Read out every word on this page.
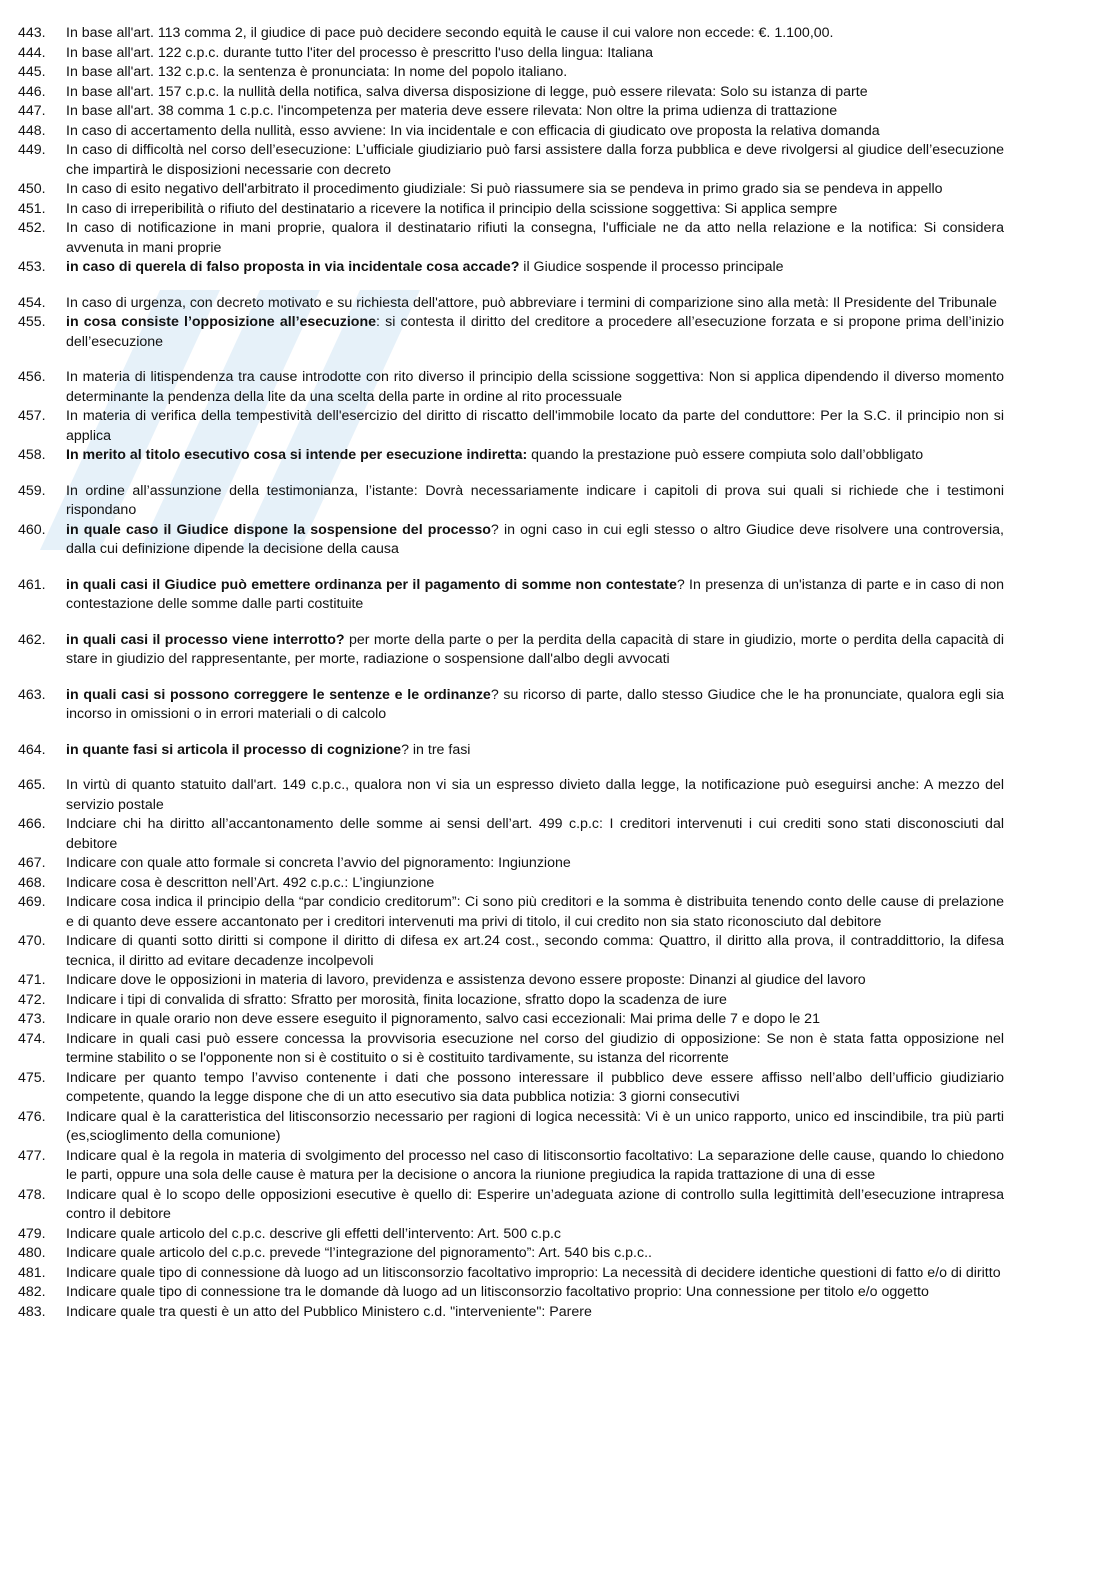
443.	In base all'art. 113 comma 2, il giudice di pace può decidere secondo equità le cause il cui valore non eccede: €. 1.100,00.
444.	In base all'art. 122 c.p.c. durante tutto l'iter del processo è prescritto l'uso della lingua: Italiana
445.	In base all'art. 132 c.p.c. la sentenza è pronunciata: In nome del popolo italiano.
446.	In base all'art. 157 c.p.c. la nullità della notifica, salva diversa disposizione di legge, può essere rilevata: Solo su istanza di parte
447.	In base all'art. 38 comma 1 c.p.c. l'incompetenza per materia deve essere rilevata: Non oltre la prima udienza di trattazione
448.	In caso di accertamento della nullità, esso avviene: In via incidentale e con efficacia di giudicato ove proposta la relativa domanda
449.	In caso di difficoltà nel corso dell’esecuzione: L’ufficiale giudiziario può farsi assistere dalla forza pubblica e deve rivolgersi al giudice dell’esecuzione che impartirà le disposizioni necessarie con decreto
450.	In caso di esito negativo dell'arbitrato il procedimento giudiziale: Si può riassumere sia se pendeva in primo grado sia se pendeva in appello
451.	In caso di irreperibilità o rifiuto del destinatario a ricevere la notifica il principio della scissione soggettiva: Si applica sempre
452.	In caso di notificazione in mani proprie, qualora il destinatario rifiuti la consegna, l'ufficiale ne da atto nella relazione e la notifica: Si considera avvenuta in mani proprie
453.	in caso di querela di falso proposta in via incidentale cosa accade? il Giudice sospende il processo principale
454.	In caso di urgenza, con decreto motivato e su richiesta dell'attore, può abbreviare i termini di comparizione sino alla metà: Il Presidente del Tribunale
455.	in cosa consiste l’opposizione all’esecuzione: si contesta il diritto del creditore a procedere all’esecuzione forzata e si propone prima dell’inizio dell’esecuzione
456.	In materia di litispendenza tra cause introdotte con rito diverso il principio della scissione soggettiva: Non si applica dipendendo il diverso momento determinante la pendenza della lite da una scelta della parte in ordine al rito processuale
457.	In materia di verifica della tempestività dell'esercizio del diritto di riscatto dell'immobile locato da parte del conduttore: Per la S.C. il principio non si applica
458.	In merito al titolo esecutivo cosa si intende per esecuzione indiretta: quando la prestazione può essere compiuta solo dall’obbligato
459.	In ordine all’assunzione della testimonianza, l’istante: Dovrà necessariamente indicare i capitoli di prova sui quali si richiede che i testimoni rispondano
460.	in quale caso il Giudice dispone la sospensione del processo? in ogni caso in cui egli stesso o altro Giudice deve risolvere una controversia, dalla cui definizione dipende la decisione della causa
461.	in quali casi il Giudice può emettere ordinanza per il pagamento di somme non contestate? In presenza di un'istanza di parte e in caso di non contestazione delle somme dalle parti costituite
462.	in quali casi il processo viene interrotto? per morte della parte o per la perdita della capacità di stare in giudizio, morte o perdita della capacità di stare in giudizio del rappresentante, per morte, radiazione o sospensione dall'albo degli avvocati
463.	in quali casi si possono correggere le sentenze e le ordinanze? su ricorso di parte, dallo stesso Giudice che le ha pronunciate, qualora egli sia incorso in omissioni o in errori materiali o di calcolo
464.	in quante fasi si articola il processo di cognizione? in tre fasi
465.	In virtù di quanto statuito dall'art. 149 c.p.c., qualora non vi sia un espresso divieto dalla legge, la notificazione può eseguirsi anche: A mezzo del servizio postale
466.	Indciare chi ha diritto all’accantonamento delle somme ai sensi dell’art. 499 c.p.c: I creditori intervenuti i cui crediti sono stati disconosciuti dal debitore
467.	Indicare con quale atto formale si concreta l’avvio del pignoramento: Ingiunzione
468.	Indicare cosa è descritton nell’Art. 492 c.p.c.: L’ingiunzione
469.	Indicare cosa indica il principio della “par condicio creditorum”: Ci sono più creditori e la somma è distribuita tenendo conto delle cause di prelazione e di quanto deve essere accantonato per i creditori intervenuti ma privi di titolo, il cui credito non sia stato riconosciuto dal debitore
470.	Indicare di quanti sotto diritti si compone il diritto di difesa ex art.24 cost., secondo comma: Quattro, il diritto alla prova, il contraddittorio, la difesa tecnica, il diritto ad evitare decadenze incolpevoli
471.	Indicare dove le opposizioni in materia di lavoro, previdenza e assistenza devono essere proposte: Dinanzi al giudice del lavoro
472.	Indicare i tipi di convalida di sfratto: Sfratto per morosità, finita locazione, sfratto dopo la scadenza de iure
473.	Indicare in quale orario non deve essere eseguito il pignoramento, salvo casi eccezionali: Mai prima delle 7 e dopo le 21
474.	Indicare in quali casi può essere concessa la provvisoria esecuzione nel corso del giudizio di opposizione: Se non è stata fatta opposizione nel termine stabilito o se l'opponente non si è costituito o si è costituito tardivamente, su istanza del ricorrente
475.	Indicare per quanto tempo l’avviso contenente i dati che possono interessare il pubblico deve essere affisso nell’albo dell’ufficio giudiziario competente, quando la legge dispone che di un atto esecutivo sia data pubblica notizia: 3 giorni consecutivi
476.	Indicare qual è la caratteristica del litisconsorzio necessario per ragioni di logica necessità: Vi è un unico rapporto, unico ed inscindibile, tra più parti (es,scioglimento della comunione)
477.	Indicare qual è la regola in materia di svolgimento del processo nel caso di litisconsortio facoltativo: La separazione delle cause, quando lo chiedono le parti, oppure una sola delle cause è matura per la decisione o ancora la riunione pregiudica la rapida trattazione di una di esse
478.	Indicare qual è lo scopo delle opposizioni esecutive è quello di: Esperire un’adeguata azione di controllo sulla legittimità dell’esecuzione intrapresa contro il debitore
479.	Indicare quale articolo del c.p.c. descrive gli effetti dell’intervento: Art. 500 c.p.c
480.	Indicare quale articolo del c.p.c. prevede “l’integrazione del pignoramento”: Art. 540 bis c.p.c..
481.	Indicare quale tipo di connessione dà luogo ad un litisconsorzio facoltativo improprio: La necessità di decidere identiche questioni di fatto e/o di diritto
482.	Indicare quale tipo di connessione tra le domande dà luogo ad un litisconsorzio facoltativo proprio: Una connessione per titolo e/o oggetto
483.	Indicare quale tra questi è un atto del Pubblico Ministero c.d. "interveniente": Parere
